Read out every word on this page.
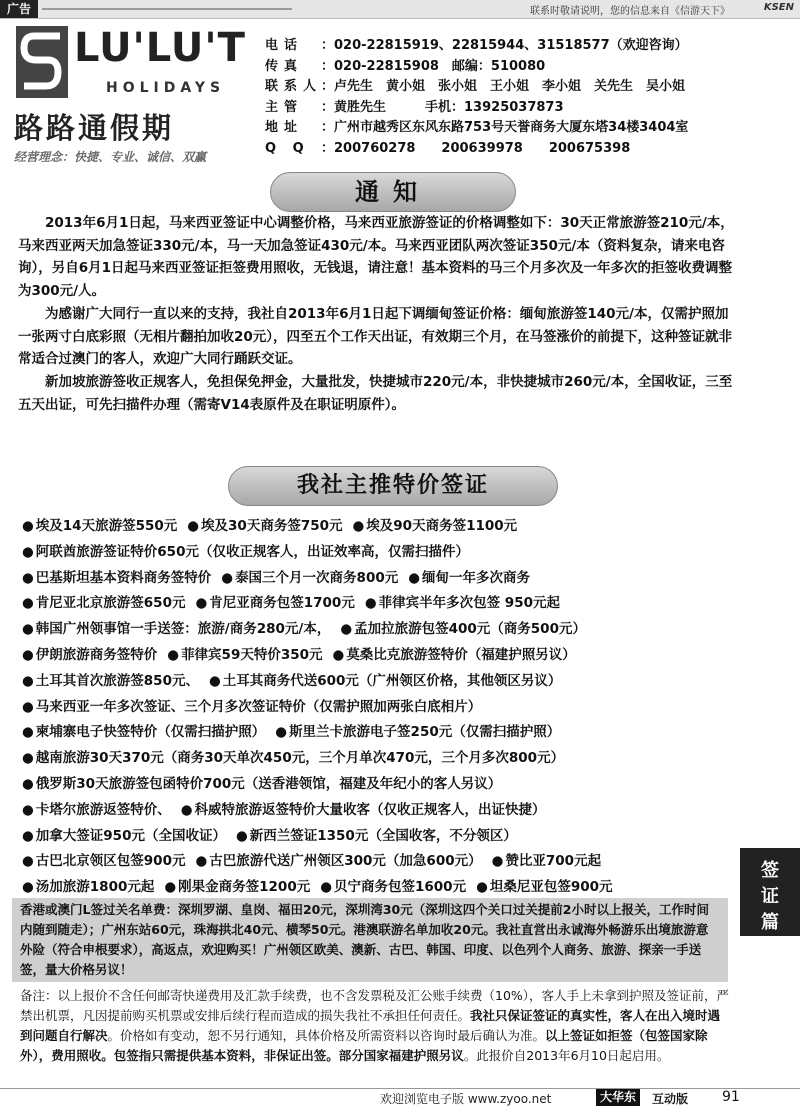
广告	联系时敬请说明，您的信息来自《信游天下》	KSEN
LU'LU'T
HOLIDAYS
路路通假期
经营理念：快捷、专业、诚信、双赢
电话 ：020-22815919、22815944、31518577（欢迎咨询）
传真 ：020-22815908　邮编：510080
联系人：卢先生　黄小姐　张小姐　王小姐　李小姐　关先生　吴小姐
主管 ：黄胜先生　　　手机：13925037873
地址 ：广州市越秀区东风东路753号天誉商务大厦东塔34楼3404室
Q Q ：200760278　　200639978　　200675398
通知

2013年6月1日起，马来西亚签证中心调整价格，马来西亚旅游签证的价格调整如下：30天正常旅游签210元/本，马来西亚两天加急签证330元/本，马一天加急签证430元/本。马来西亚团队两次签证350元/本（资料复杂，请来电咨询），另自6月1日起马来西亚签证拒签费用照收，无钱退，请注意！基本资料的马三个月多次及一年多次的拒签收费调整为300元/人。

为感谢广大同行一直以来的支持，我社自2013年6月1日起下调缅甸签证价格：缅甸旅游签140元/本，仅需护照加一张两寸白底彩照（无相片翻拍加收20元），四至五个工作天出证，有效期三个月，在马签涨价的前提下，这种签证就非常适合过澳门的客人，欢迎广大同行踊跃交证。

新加坡旅游签收正规客人，免担保免押金，大量批发，快捷城市220元/本，非快捷城市260元/本，全国收证，三至五天出证，可先扫描件办理（需寄V14表原件及在职证明原件）。

我社主推特价签证
● 埃及14天旅游签550元 ● 埃及30天商务签750元 ● 埃及90天商务签1100元
● 阿联酋旅游签证特价650元（仅收正规客人，出证效率高，仅需扫描件）
● 巴基斯坦基本资料商务签特价 ● 泰国三个月一次商务800元 ● 缅甸一年多次商务
● 肯尼亚北京旅游签650元 ● 肯尼亚商务包签1700元 ● 菲律宾半年多次包签 950元起
● 韩国广州领事馆一手送签：旅游/商务280元/本， ● 孟加拉旅游包签400元（商务500元）
● 伊朗旅游商务签特价 ● 菲律宾59天特价350元 ● 莫桑比克旅游签特价（福建护照另议）
● 土耳其首次旅游签850元、 ● 土耳其商务代送600元（广州领区价格，其他领区另议）
● 马来西亚一年多次签证、三个月多次签证特价（仅需护照加两张白底相片）
● 柬埔寨电子快签特价（仅需扫描护照） ● 斯里兰卡旅游电子签250元（仅需扫描护照）
● 越南旅游30天370元（商务30天单次450元，三个月单次470元，三个月多次800元）
● 俄罗斯30天旅游签包函特价700元（送香港领馆，福建及年纪小的客人另议）
● 卡塔尔旅游返签特价、 ● 科威特旅游返签特价大量收客（仅收正规客人，出证快捷）
● 加拿大签证950元（全国收证） ● 新西兰签证1350元（全国收客，不分领区）
● 古巴北京领区包签900元 ● 古巴旅游代送广州领区300元（加急600元） ● 赞比亚700元起
● 汤加旅游1800元起 ● 刚果金商务签1200元 ● 贝宁商务包签1600元 ● 坦桑尼亚包签900元
签证篇
香港或澳门L签过关名单费：深圳罗湖、皇岗、福田20元，深圳湾30元（深圳这四个关口过关提前2小时以上报关，工作时间内随到随走）；广州东站60元，珠海拱北40元、横琴50元。港澳联游名单加收20元。我社直営出永诚海外畅游乐出境旅游意外险（符合申根要求），高返点，欢迎购买！广州领区欧美、澳新、古巴、韩国、印度、以色列个人商务、旅游、探亲一手送签，量大价格另议！
备注：以上报价不含任何邮寄快递费用及汇款手续费，也不含发票税及汇公账手续费（10%），客人手上未拿到护照及签证前，严禁出机票，凡因提前购买机票或安排后续行程而造成的损失我社不承担任何责任。我社只保证签证的真实性，客人在出入境时遇到问题自行解决。价格如有变动，恕不另行通知，具体价格及所需资料以咨询时最后确认为准。以上签证如拒签（包签国家除外），费用照收。包签指只需提供基本资料，非保证出签。部分国家福建护照另议。此报价自2013年6月10日起启用。
欢迎浏览电子版 www.zyoo.net	大华东	互动版 91
